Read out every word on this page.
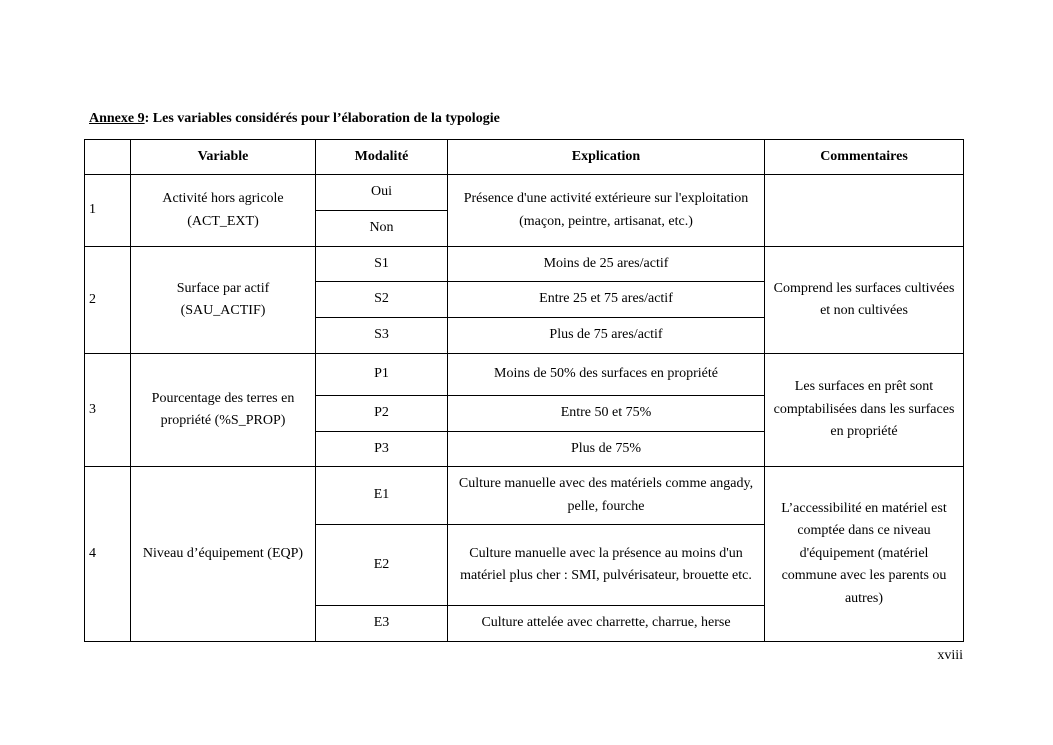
Annexe 9: Les variables considérés pour l’élaboration de la typologie
	Variable	Modalité	Explication	Commentaires
1	Activité hors agricole (ACT_EXT)	Oui	Présence d'une activité extérieure sur l'exploitation (maçon, peintre, artisanat, etc.)	
		Non		
2	Surface par actif (SAU_ACTIF)	S1	Moins de 25 ares/actif	Comprend les surfaces cultivées et non cultivées
		S2	Entre 25 et 75 ares/actif	
		S3	Plus de 75 ares/actif	
3	Pourcentage des terres en propriété (%S_PROP)	P1	Moins de 50% des surfaces en propriété	Les surfaces en prêt sont comptabilisées dans les surfaces en propriété
		P2	Entre 50 et 75%	
		P3	Plus de 75%	
4	Niveau d’équipement (EQP)	E1	Culture manuelle avec des matériels comme angady, pelle, fourche	L’accessibilité en matériel est comptée dans ce niveau d'équipement (matériel commune avec les parents ou autres)
		E2	Culture manuelle avec la présence au moins d'un matériel plus cher : SMI, pulvérisateur, brouette etc.	
		E3	Culture attelée avec charrette, charrue, herse	
xviii
